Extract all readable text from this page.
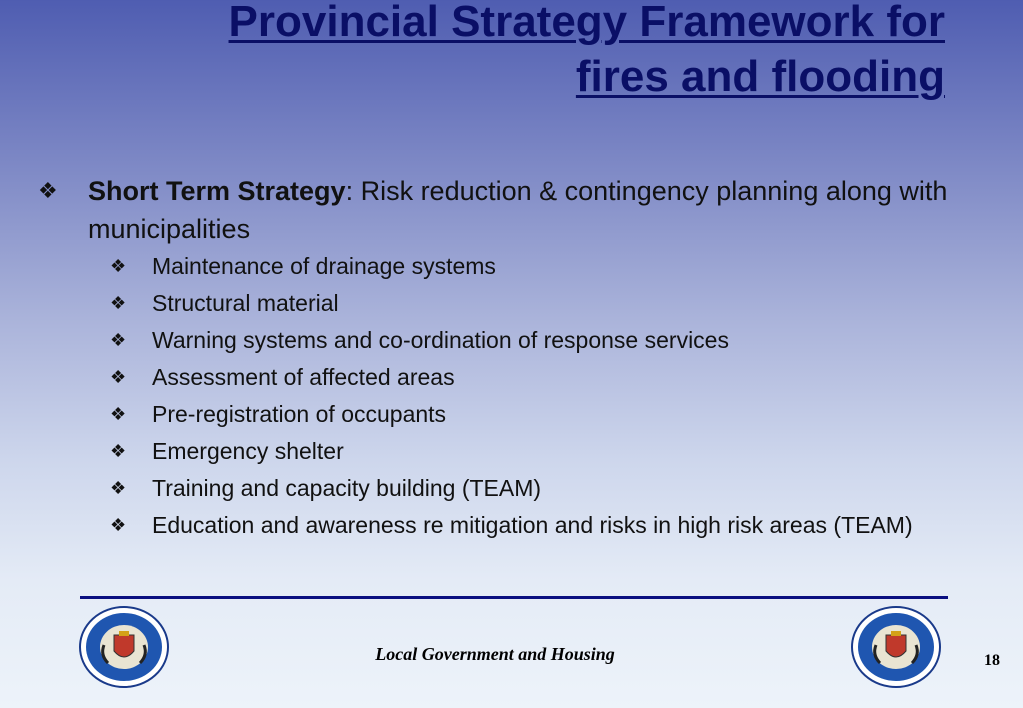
Provincial Strategy Framework for
fires and flooding
❖	Short Term Strategy: Risk reduction & contingency planning along with municipalities
❖	Maintenance of drainage systems
❖	Structural material
❖	Warning systems and co-ordination of response services
❖	Assessment of affected areas
❖	Pre-registration of occupants
❖	Emergency shelter
❖	Training and capacity building (TEAM)
❖	Education and awareness re mitigation and risks in high risk areas (TEAM)
Local Government and Housing	18
